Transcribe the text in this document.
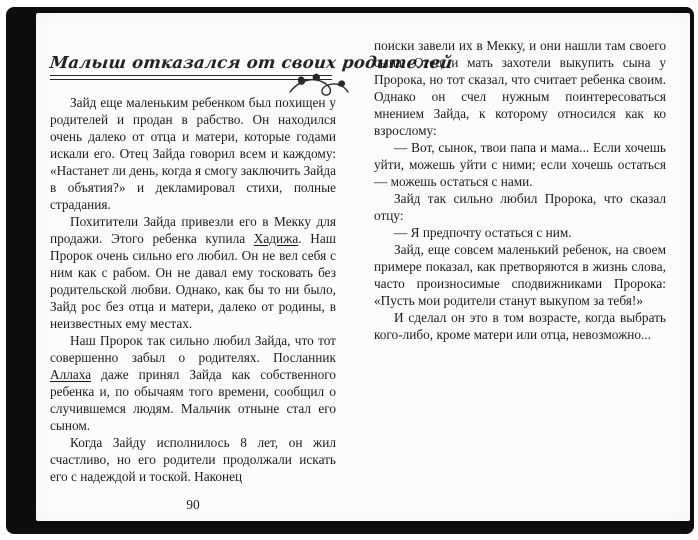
Малыш отказался от своих родителей

Зайд еще маленьким ребенком был похищен у родителей и продан в рабство. Он находился очень далеко от отца и матери, которые годами искали его. Отец Зайда говорил всем и каждому: «Настанет ли день, когда я смогу заключить Зайда в объятия?» и декламировал стихи, полные страдания.

Похитители Зайда привезли его в Мекку для продажи. Этого ребенка купила Хадижа. Наш Пророк очень сильно его любил. Он не вел себя с ним как с рабом. Он не давал ему тосковать без родительской любви. Однако, как бы то ни было, Зайд рос без отца и матери, далеко от родины, в неизвестных ему местах.

Наш Пророк так сильно любил Зайда, что тот совершенно забыл о родителях. Посланник Аллаха даже принял Зайда как собственного ребенка и, по обычаям того времени, сообщил о случившемся людям. Мальчик отныне стал его сыном.

Когда Зайду исполнилось 8 лет, он жил счастливо, но его родители продолжали искать его с надеждой и тоской. Наконец

поиски завели их в Мекку, и они нашли там своего сына. Отец и мать захотели выкупить сына у Пророка, но тот сказал, что считает ребенка своим. Однако он счел нужным поинтересоваться мнением Зайда, к которому относился как ко взрослому:

— Вот, сынок, твои папа и мама... Если хочешь уйти, можешь уйти с ними; если хочешь остаться — можешь остаться с нами.

Зайд так сильно любил Пророка, что сказал отцу:

— Я предпочту остаться с ним.

Зайд, еще совсем маленький ребенок, на своем примере показал, как претворяются в жизнь слова, часто произносимые сподвижниками Пророка: «Пусть мои родители станут выкупом за тебя!»

И сделал он это в том возрасте, когда выбрать кого-либо, кроме матери или отца, невозможно...

90
